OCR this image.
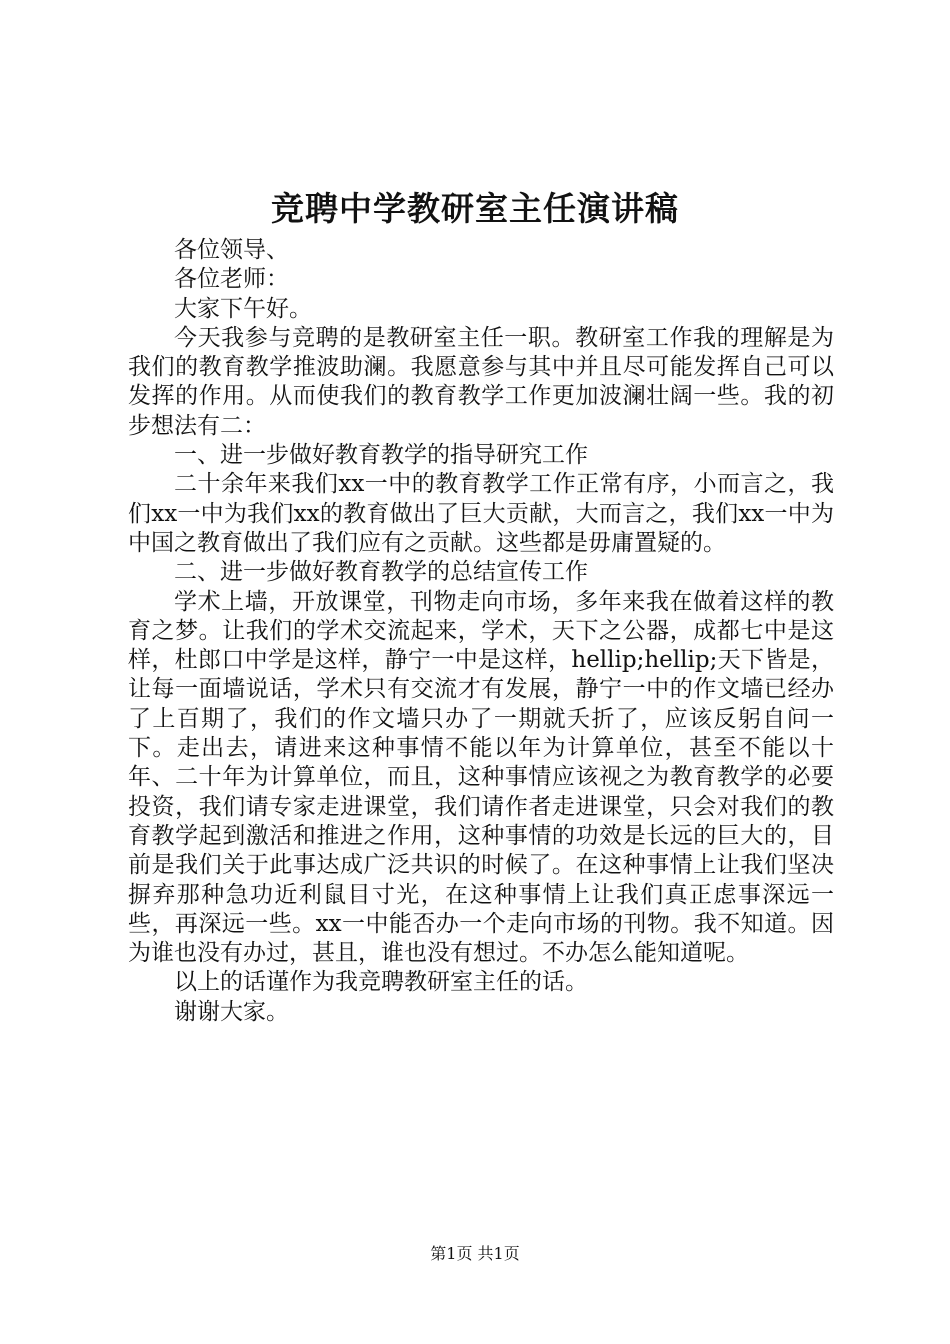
竞聘中学教研室主任演讲稿

各位领导、

各位老师：

大家下午好。

今天我参与竞聘的是教研室主任一职。教研室工作我的理解是为我们的教育教学推波助澜。我愿意参与其中并且尽可能发挥自己可以发挥的作用。从而使我们的教育教学工作更加波澜壮阔一些。我的初步想法有二：

一、进一步做好教育教学的指导研究工作

二十余年来我们xx一中的教育教学工作正常有序，小而言之，我们xx一中为我们xx的教育做出了巨大贡献，大而言之，我们xx一中为中国之教育做出了我们应有之贡献。这些都是毋庸置疑的。

二、进一步做好教育教学的总结宣传工作

学术上墙，开放课堂，刊物走向市场，多年来我在做着这样的教育之梦。让我们的学术交流起来，学术，天下之公器，成都七中是这样，杜郎口中学是这样，静宁一中是这样，hellip;hellip;天下皆是，让每一面墙说话，学术只有交流才有发展，静宁一中的作文墙已经办了上百期了，我们的作文墙只办了一期就夭折了，应该反躬自问一下。走出去，请进来这种事情不能以年为计算单位，甚至不能以十年、二十年为计算单位，而且，这种事情应该视之为教育教学的必要投资，我们请专家走进课堂，我们请作者走进课堂，只会对我们的教育教学起到激活和推进之作用，这种事情的功效是长远的巨大的，目前是我们关于此事达成广泛共识的时候了。在这种事情上让我们坚决摒弃那种急功近利鼠目寸光，在这种事情上让我们真正虑事深远一些，再深远一些。xx一中能否办一个走向市场的刊物。我不知道。因为谁也没有办过，甚且，谁也没有想过。不办怎么能知道呢。

以上的话谨作为我竞聘教研室主任的话。

谢谢大家。

第1页 共1页
